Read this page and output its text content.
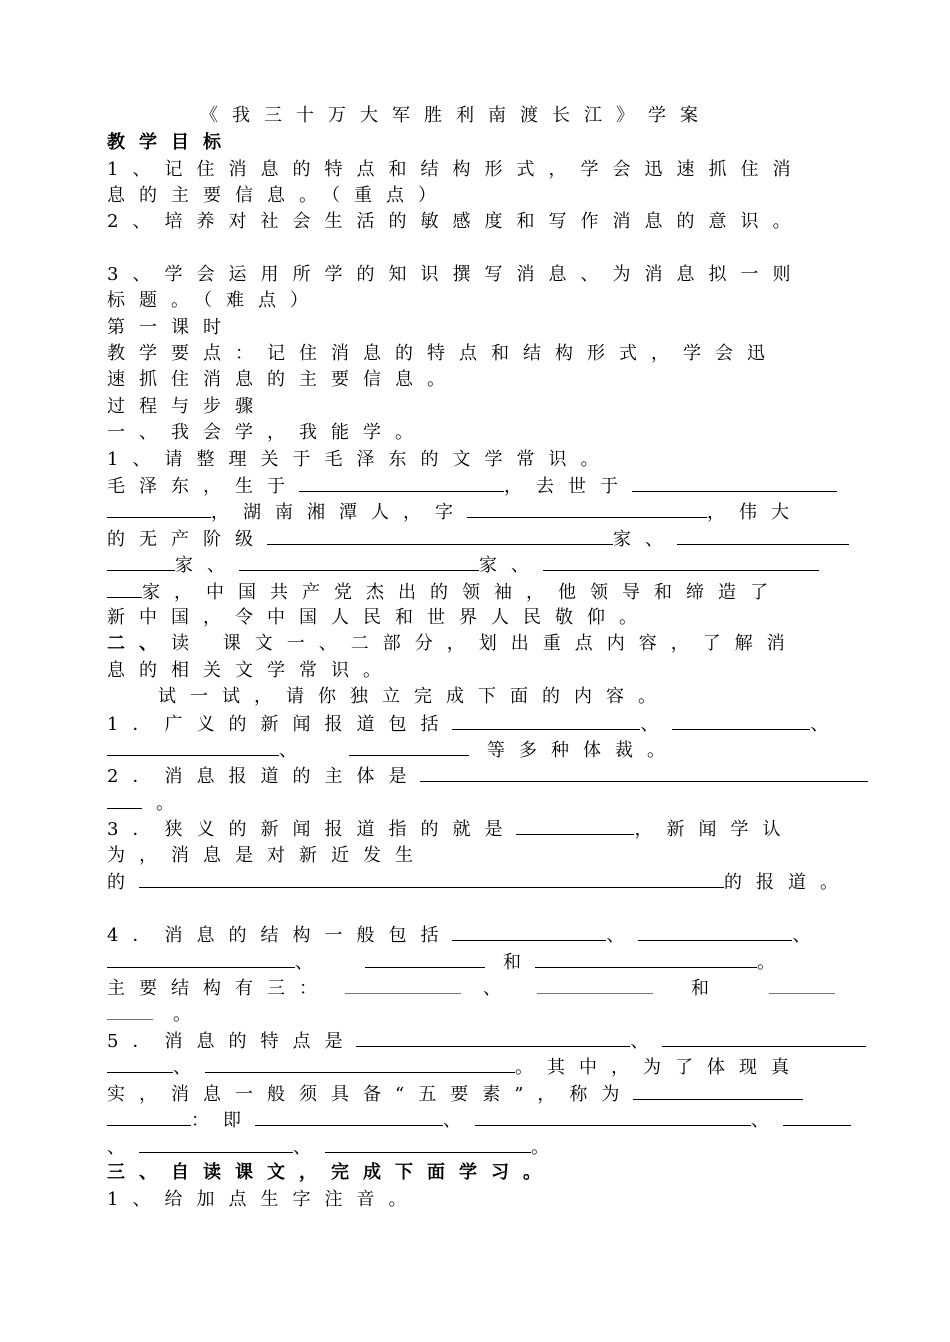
《我三十万大军胜利南渡长江》学案
教学目标
1、记住消息的特点和结构形式，学会迅速抓住消
息的主要信息。（重点）
2、培养对社会生活的敏感度和写作消息的意识。
3、学会运用所学的知识撰写消息、为消息拟一则
标题。（难点）
第一课时
教学要点：记住消息的特点和结构形式，学会迅
速抓住消息的主要信息。
过程与步骤
一、我会学，我能学。
1、请整理关于毛泽东的文学常识。
毛泽东，生于	，去世于
，湖南湘潭人，字	，伟大
的无产阶级	家、
家、	家、
家，中国共产党杰出的领袖，他领导和缔造了
新中国，令中国人民和世界人民敬仰。
二、读 课文一、二部分，划出重点内容，了解消
息的相关文学常识。
试一试，请你独立完成下面的内容。
1．广义的新闻报道包括	、	、
、	等多种体裁。
2．消息报道的主体是
。
3．狭义的新闻报道指的就是	，新闻学认
为，消息是对新近发生
的	的报道。
4．消息的结构一般包括	、	、
、	和	。
主要结构有三：	、	和
。
5．消息的特点是	、
、	。其中，为了体现真
实，消息一般须具备“五要素”，称为
：即	、	、
、	、	。
三、自读课文，完成下面学习。
1、给加点生字注音。
